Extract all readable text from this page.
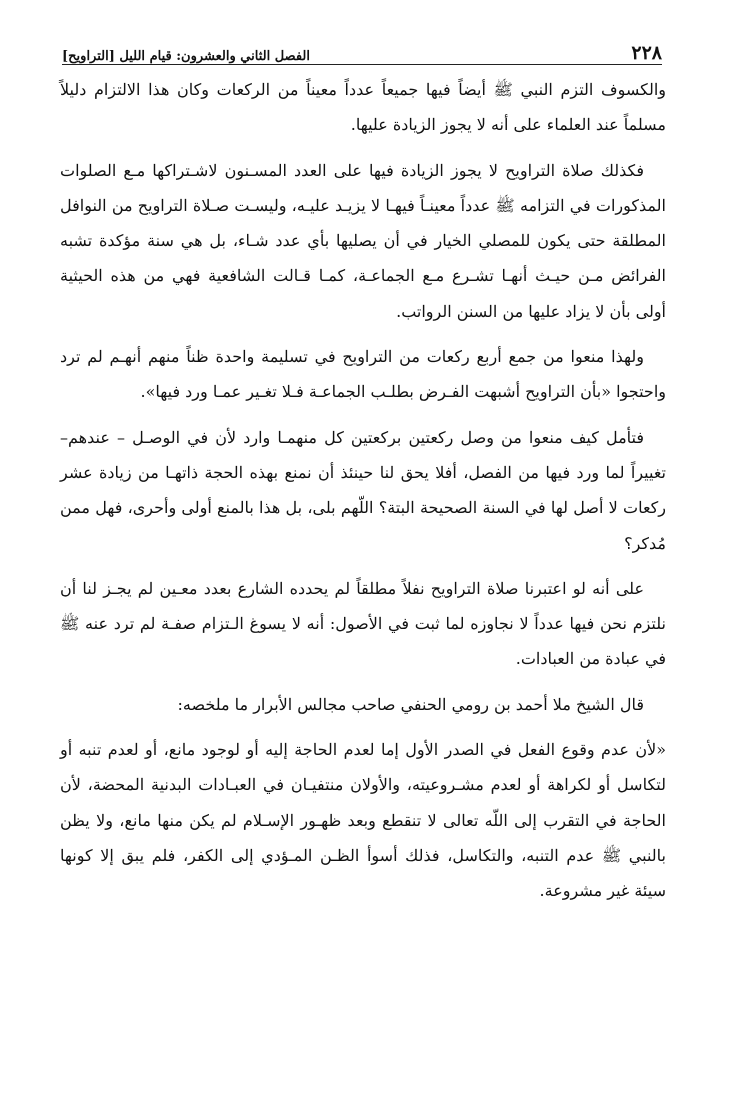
٢٢٨
الفصل الثاني والعشرون: قيام الليل [التراويح]

والكسوف التزم النبي ﷺ أيضاً فيها جميعاً عدداً معيناً من الركعات وكان هذا الالتزام دليلاً مسلماً عند العلماء على أنه لا يجوز الزيادة عليها.

فكذلك صلاة التراويح لا يجوز الزيادة فيها على العدد المسـنون لاشـتراكها مـع الصلوات المذكورات في التزامه ﷺ عدداً معينـاً فيهـا لا يزيـد عليـه، وليسـت صـلاة التراويح من النوافل المطلقة حتى يكون للمصلي الخيار في أن يصليها بأي عدد شـاء، بل هي سنة مؤكدة تشبه الفرائض مـن حيـث أنهـا تشـرع مـع الجماعـة، كمـا قـالت الشافعية فهي من هذه الحيثية أولى بأن لا يزاد عليها من السنن الرواتب.

ولهذا منعوا من جمع أربع ركعات من التراويح في تسليمة واحدة ظناً منهم أنهـم لم ترد واحتجوا «بأن التراويح أشبهت الفـرض بطلـب الجماعـة فـلا تغـير عمـا ورد فيها».

فتأمل كيف منعوا من وصل ركعتين بركعتين كل منهمـا وارد لأن في الوصـل – عندهم– تغييراً لما ورد فيها من الفصل، أفلا يحق لنا حينئذ أن نمنع بهذه الحجة ذاتهـا من زيادة عشر ركعات لا أصل لها في السنة الصحيحة البتة؟ اللّهم بلى، بل هذا بالمنع أولى وأحرى، فهل ممن مُدكر؟

على أنه لو اعتبرنا صلاة التراويح نفلاً مطلقاً لم يحدده الشارع بعدد معـين لم يجـز لنا أن نلتزم نحن فيها عدداً لا نجاوزه لما ثبت في الأصول: أنه لا يسوغ الـتزام صفـة لم ترد عنه ﷺ في عبادة من العبادات.

قال الشيخ ملا أحمد بن رومي الحنفي صاحب مجالس الأبرار ما ملخصه:

«لأن عدم وقوع الفعل في الصدر الأول إما لعدم الحاجة إليه أو لوجود مانع، أو لعدم تنبه أو لتكاسل أو لكراهة أو لعدم مشـروعيته، والأولان منتفيـان في العبـادات البدنية المحضة، لأن الحاجة في التقرب إلى اللّه تعالى لا تنقطع وبعد ظهـور الإسـلام لم يكن منها مانع، ولا يظن بالنبي ﷺ عدم التنبه، والتكاسل، فذلك أسوأ الظـن المـؤدي إلى الكفر، فلم يبق إلا كونها سيئة غير مشروعة.
